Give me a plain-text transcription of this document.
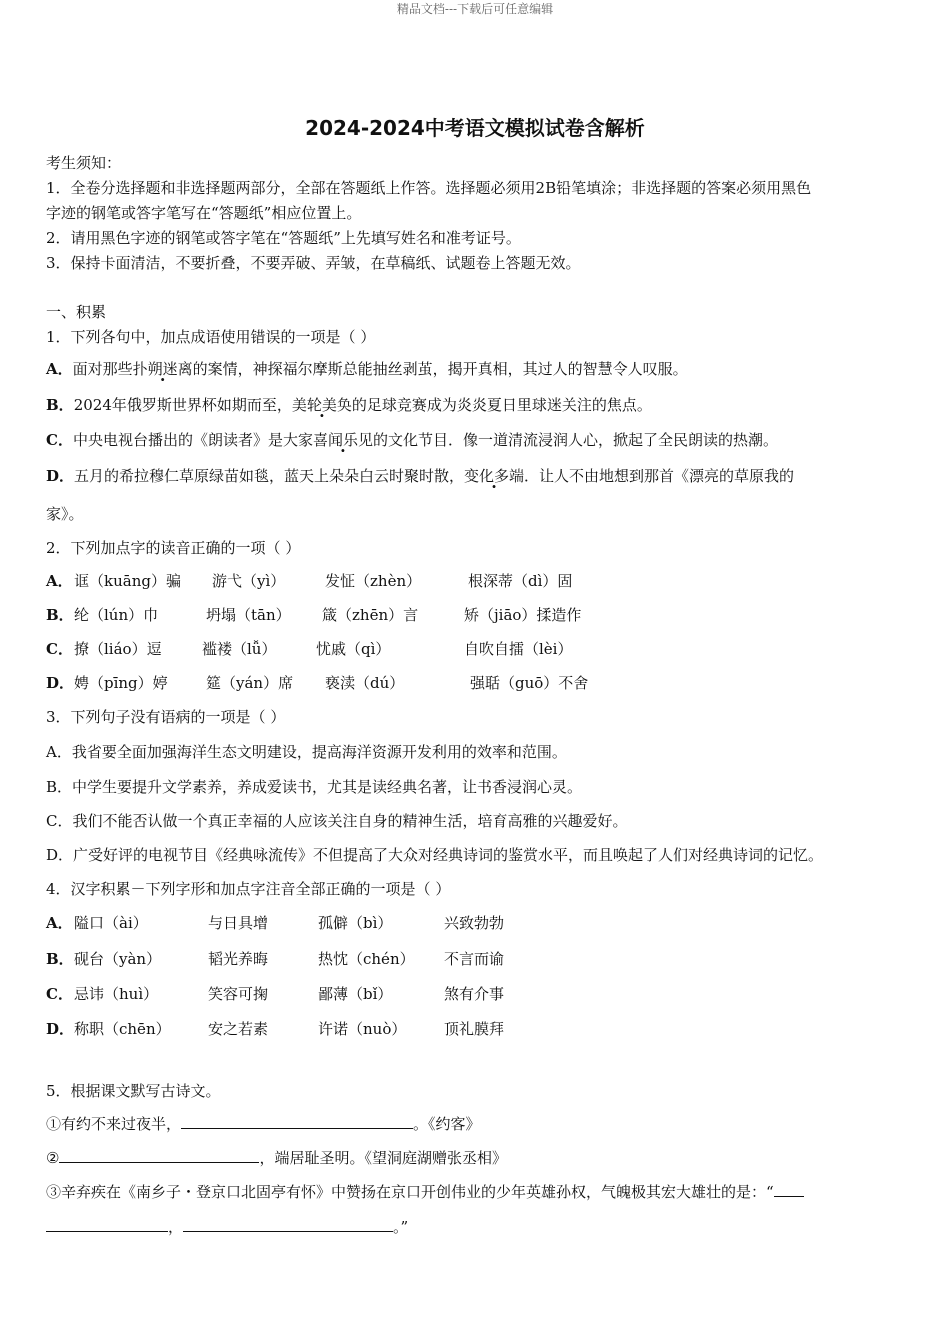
精品文档---下载后可任意编辑
2024-2024中考语文模拟试卷含解析
考生须知：
1．全卷分选择题和非选择题两部分，全部在答题纸上作答。选择题必须用2B铅笔填涂；非选择题的答案必须用黑色
字迹的钢笔或答字笔写在“答题纸”相应位置上。
2．请用黑色字迹的钢笔或答字笔在“答题纸”上先填写姓名和准考证号。
3．保持卡面清洁，不要折叠，不要弄破、弄皱，在草稿纸、试题卷上答题无效。
一、积累
1．下列各句中，加点成语使用错误的一项是（ ）
A．面对那些扑朔迷离的案情，神探福尔摩斯总能抽丝剥茧，揭开真相，其过人的智慧令人叹服。
B．2024年俄罗斯世界杯如期而至，美轮美奂的足球竞赛成为炎炎夏日里球迷关注的焦点。
C．中央电视台播出的《朗读者》是大家喜闻乐见的文化节目．像一道清流浸润人心，掀起了全民朗读的热潮。
D．五月的希拉穆仁草原绿苗如毯，蓝天上朵朵白云时聚时散，变化多端．让人不由地想到那首《漂亮的草原我的
家》。
2．下列加点字的读音正确的一项（ ）
A． 诓（kuāng）骗 游弋（yì）	发怔（zhèn）	根深蒂（dì）固
B． 纶（lún）巾	坍塌（tān） 箴（zhēn）言	矫（jiāo）揉造作
C． 撩（liáo）逗	褴褛（lǚ）	忧戚（qì）	自吹自擂（lèi）
D． 娉（pīng）婷	筵（yán）席 亵渎（dú）	强聒（guō）不舍
3．下列句子没有语病的一项是（ ）
A．我省要全面加强海洋生态文明建设，提高海洋资源开发利用的效率和范围。
B．中学生要提升文学素养，养成爱读书，尤其是读经典名著，让书香浸润心灵。
C．我们不能否认做一个真正幸福的人应该关注自身的精神生活，培育高雅的兴趣爱好。
D．广受好评的电视节目《经典咏流传》不但提高了大众对经典诗词的鉴赏水平，而且唤起了人们对经典诗词的记忆。
4．汉字积累－下列字形和加点字注音全部正确的一项是（ ）
A． 隘口（ài）	与日具增	孤僻（bì）	兴致勃勃
B． 砚台（yàn）	韬光养晦	热忱（chén） 不言而谕
C． 忌讳（huì）	笑容可掬	鄙薄（bǐ）	煞有介事
D． 称职（chēn） 安之若素	许诺（nuò）	顶礼膜拜
5．根据课文默写古诗文。
①有约不来过夜半，	。《约客》
②	，端居耻圣明。《望洞庭湖赠张丞相》
③辛弃疾在《南乡子・登京口北固亭有怀》中赞扬在京口开创伟业的少年英雄孙权，气魄极其宏大雄壮的是：“
，	。”
